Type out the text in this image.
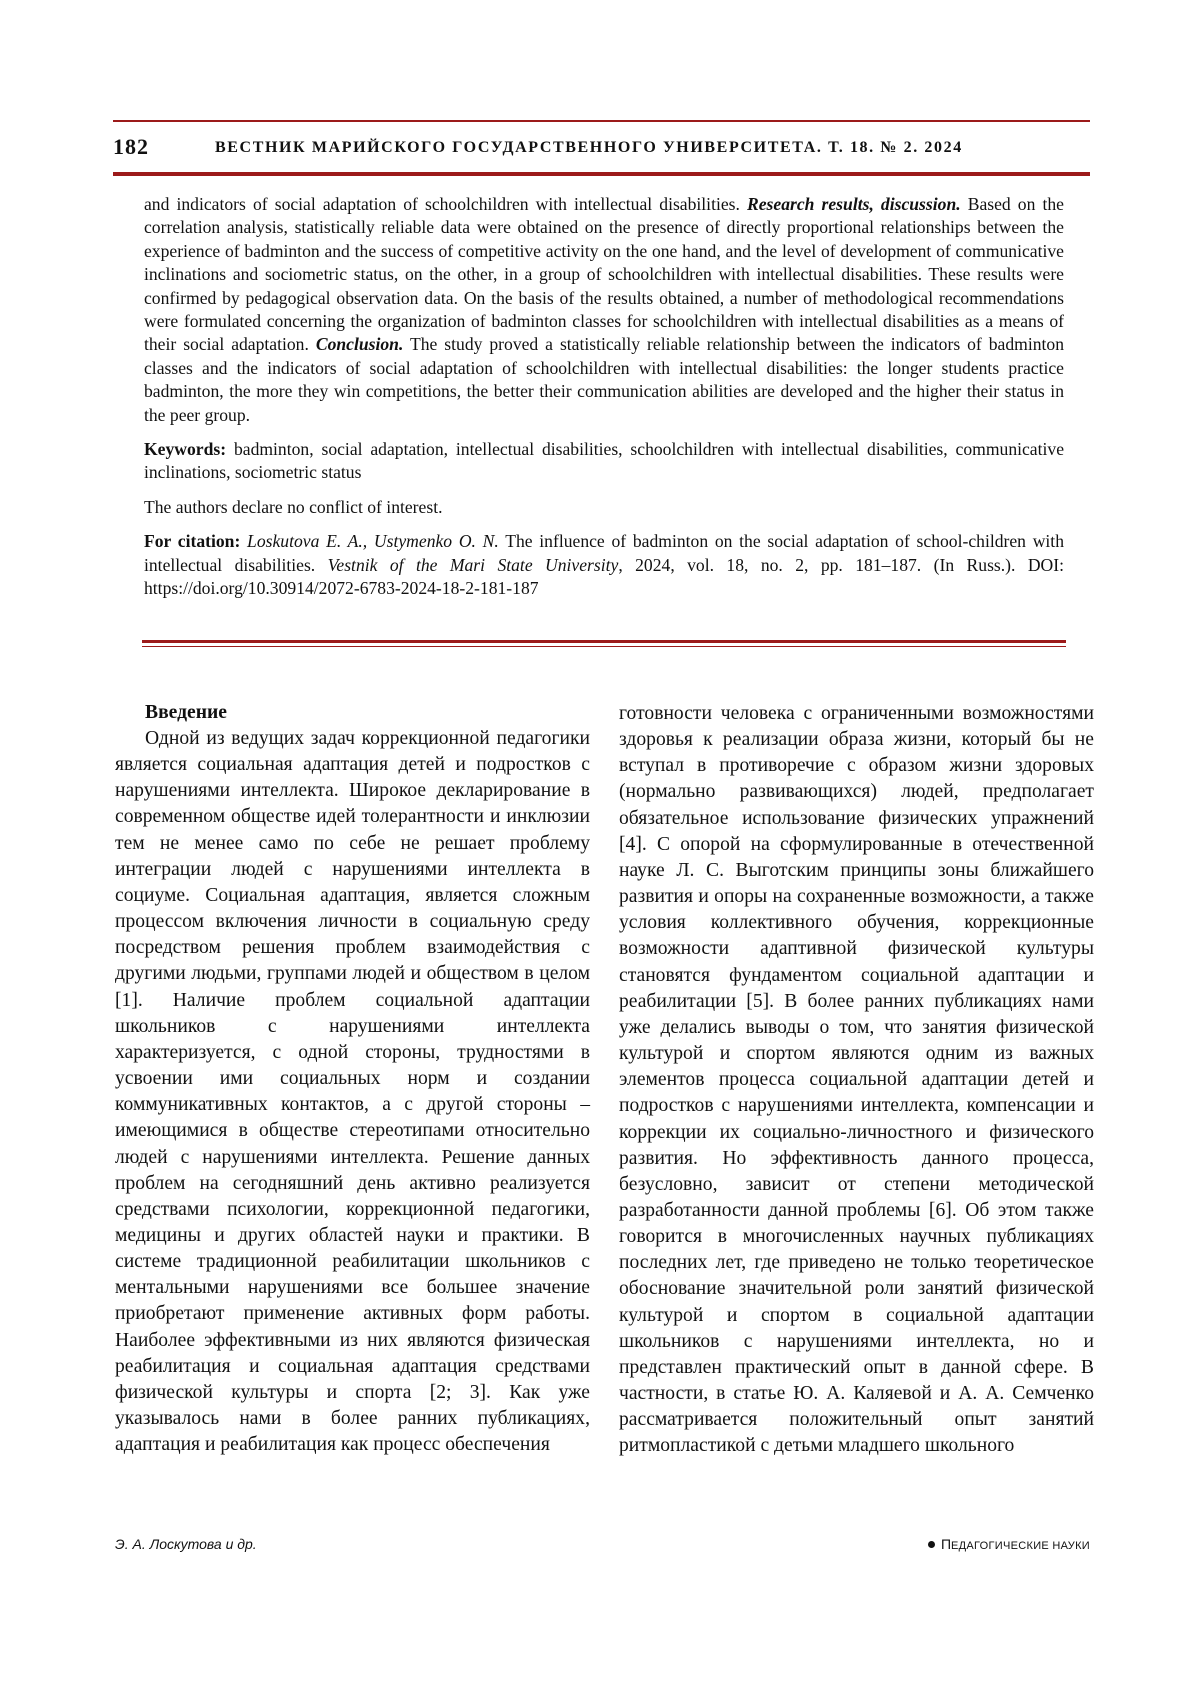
182	ВЕСТНИК МАРИЙСКОГО ГОСУДАРСТВЕННОГО УНИВЕРСИТЕТА. Т. 18. № 2. 2024

and indicators of social adaptation of schoolchildren with intellectual disabilities. Research results, discussion. Based on the correlation analysis, statistically reliable data were obtained on the presence of directly proportional relationships between the experience of badminton and the success of competitive activity on the one hand, and the level of development of communicative inclinations and sociometric status, on the other, in a group of schoolchildren with intellectual disabilities. These results were confirmed by pedagogical observation data. On the basis of the results obtained, a number of methodological recommendations were formulated concerning the organization of badminton classes for schoolchildren with intellectual disabilities as a means of their social adaptation. Conclusion. The study proved a statistically reliable relationship between the indicators of badminton classes and the indicators of social adaptation of schoolchildren with intellectual disabilities: the longer students practice badminton, the more they win competitions, the better their communication abilities are developed and the higher their status in the peer group.

Keywords: badminton, social adaptation, intellectual disabilities, schoolchildren with intellectual disabilities, communicative inclinations, sociometric status

The authors declare no conflict of interest.

For citation: Loskutova E. A., Ustymenko O. N. The influence of badminton on the social adaptation of school-children with intellectual disabilities. Vestnik of the Mari State University, 2024, vol. 18, no. 2, pp. 181–187. (In Russ.). DOI: https://doi.org/10.30914/2072-6783-2024-18-2-181-187

Введение

Одной из ведущих задач коррекционной педагогики является социальная адаптация детей и подростков с нарушениями интеллекта. Широкое декларирование в современном обществе идей толерантности и инклюзии тем не менее само по себе не решает проблему интеграции людей с нарушениями интеллекта в социуме. Социальная адаптация, является сложным процессом включения личности в социальную среду посредством решения проблем взаимодействия с другими людьми, группами людей и обществом в целом [1]. Наличие проблем социальной адаптации школьников с нарушениями интеллекта характеризуется, с одной стороны, трудностями в усвоении ими социальных норм и создании коммуникативных контактов, а с другой стороны – имеющимися в обществе стереотипами относительно людей с нарушениями интеллекта. Решение данных проблем на сегодняшний день активно реализуется средствами психологии, коррекционной педагогики, медицины и других областей науки и практики. В системе традиционной реабилитации школьников с ментальными нарушениями все большее значение приобретают применение активных форм работы. Наиболее эффективными из них являются физическая реабилитация и социальная адаптация средствами физической культуры и спорта [2; 3]. Как уже указывалось нами в более ранних публикациях, адаптация и реабилитация как процесс обеспечения

готовности человека с ограниченными возможностями здоровья к реализации образа жизни, который бы не вступал в противоречие с образом жизни здоровых (нормально развивающихся) людей, предполагает обязательное использование физических упражнений [4]. С опорой на сформулированные в отечественной науке Л. С. Выготским принципы зоны ближайшего развития и опоры на сохраненные возможности, а также условия коллективного обучения, коррекционные возможности адаптивной физической культуры становятся фундаментом социальной адаптации и реабилитации [5]. В более ранних публикациях нами уже делались выводы о том, что занятия физической культурой и спортом являются одним из важных элементов процесса социальной адаптации детей и подростков с нарушениями интеллекта, компенсации и коррекции их социально-личностного и физического развития. Но эффективность данного процесса, безусловно, зависит от степени методической разработанности данной проблемы [6]. Об этом также говорится в многочисленных научных публикациях последних лет, где приведено не только теоретическое обоснование значительной роли занятий физической культурой и спортом в социальной адаптации школьников с нарушениями интеллекта, но и представлен практический опыт в данной сфере. В частности, в статье Ю. А. Каляевой и А. А. Семченко рассматривается положительный опыт занятий ритмопластикой с детьми младшего школьного

Э. А. Лоскутова и др.	ПЕДАГОГИЧЕСКИЕ НАУКИ
